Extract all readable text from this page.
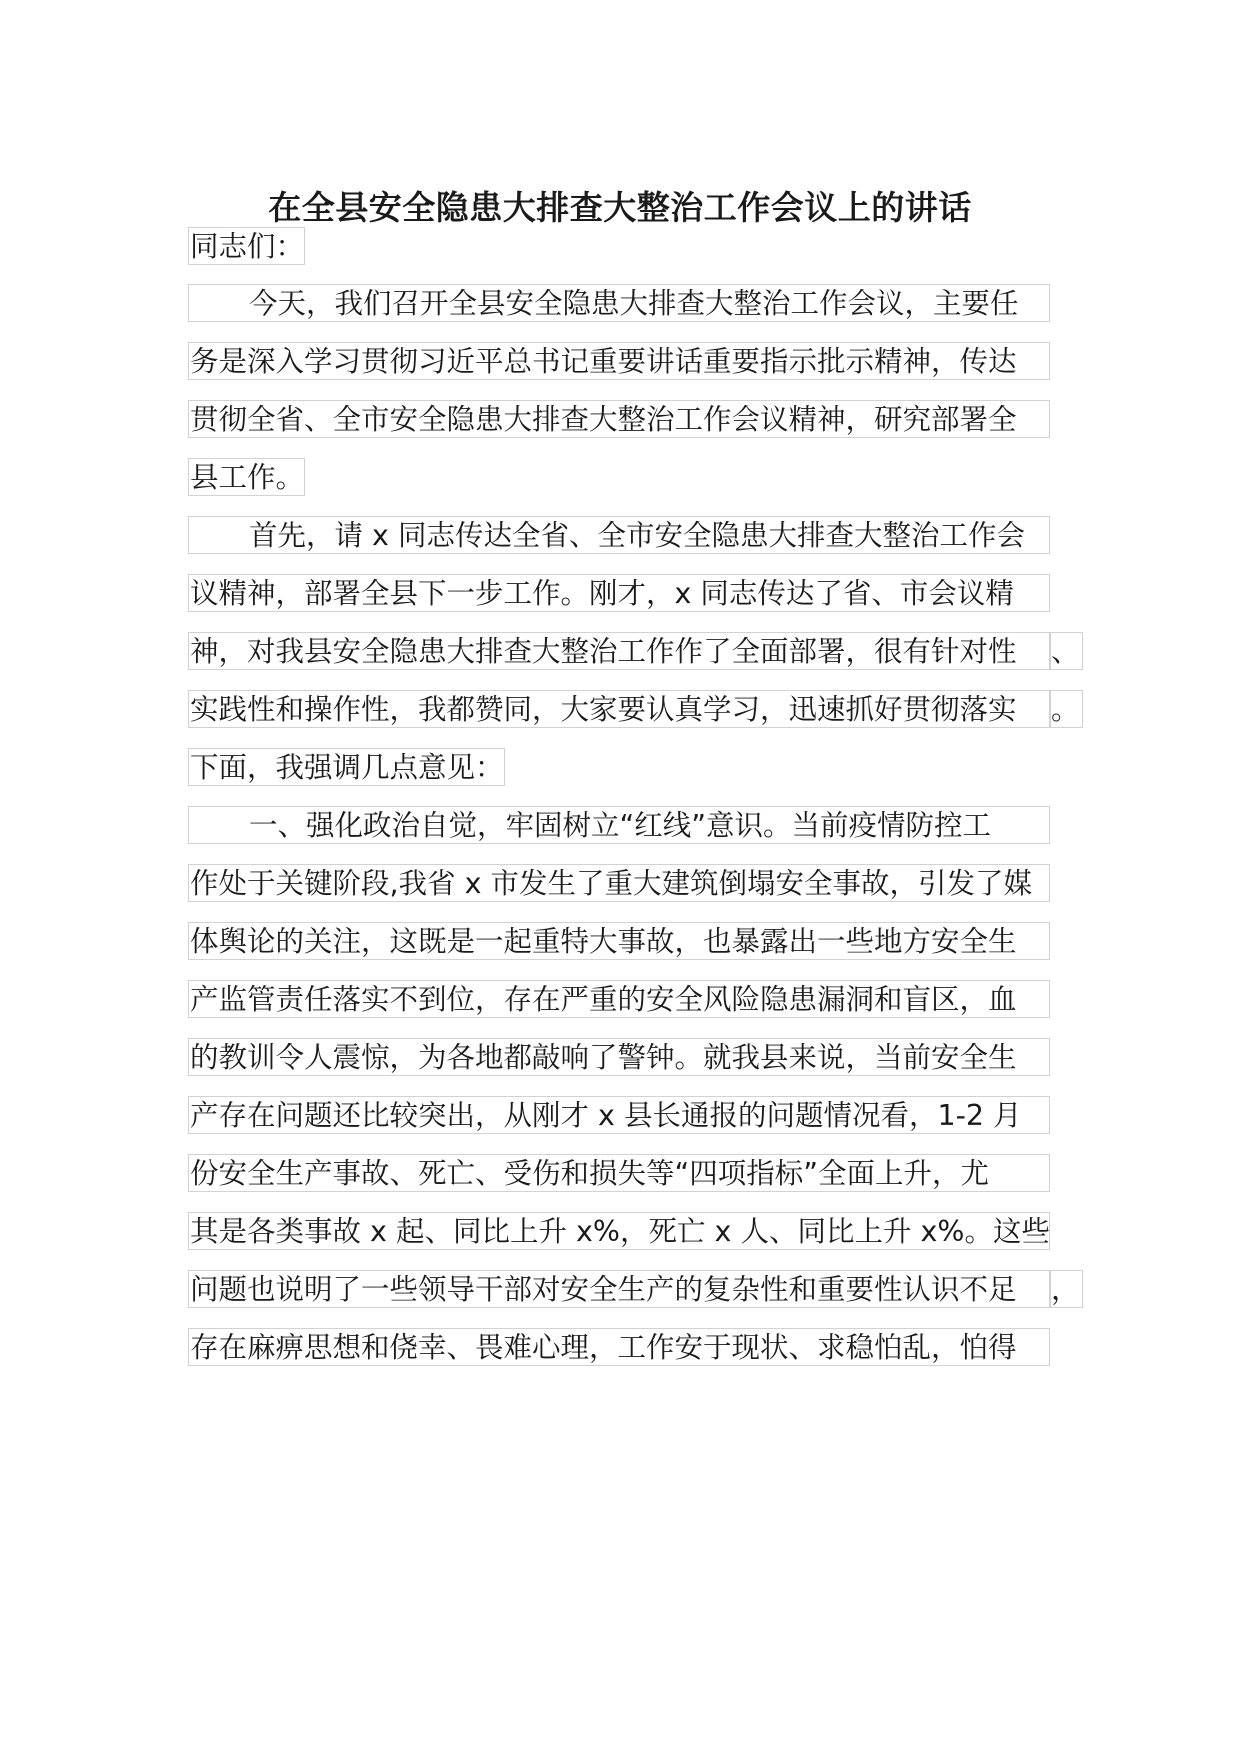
在全县安全隐患大排查大整治工作会议上的讲话
同志们：
今天，我们召开全县安全隐患大排查大整治工作会议，主要任
务是深入学习贯彻习近平总书记重要讲话重要指示批示精神，传达
贯彻全省、全市安全隐患大排查大整治工作会议精神，研究部署全
县工作。
首先，请 x 同志传达全省、全市安全隐患大排查大整治工作会
议精神，部署全县下一步工作。刚才，x 同志传达了省、市会议精
神，对我县安全隐患大排查大整治工作作了全面部署，很有针对性	、
实践性和操作性，我都赞同，大家要认真学习，迅速抓好贯彻落实	。
下面，我强调几点意见：
一、强化政治自觉，牢固树立“红线”意识。当前疫情防控工
作处于关键阶段,我省 x 市发生了重大建筑倒塌安全事故，引发了媒
体舆论的关注，这既是一起重特大事故，也暴露出一些地方安全生
产监管责任落实不到位，存在严重的安全风险隐患漏洞和盲区，血
的教训令人震惊，为各地都敲响了警钟。就我县来说，当前安全生
产存在问题还比较突出，从刚才 x 县长通报的问题情况看，1-2 月
份安全生产事故、死亡、受伤和损失等“四项指标”全面上升，尤
其是各类事故 x 起、同比上升 x%，死亡 x 人、同比上升 x%。这些
问题也说明了一些领导干部对安全生产的复杂性和重要性认识不足	，
存在麻痹思想和侥幸、畏难心理，工作安于现状、求稳怕乱，怕得
